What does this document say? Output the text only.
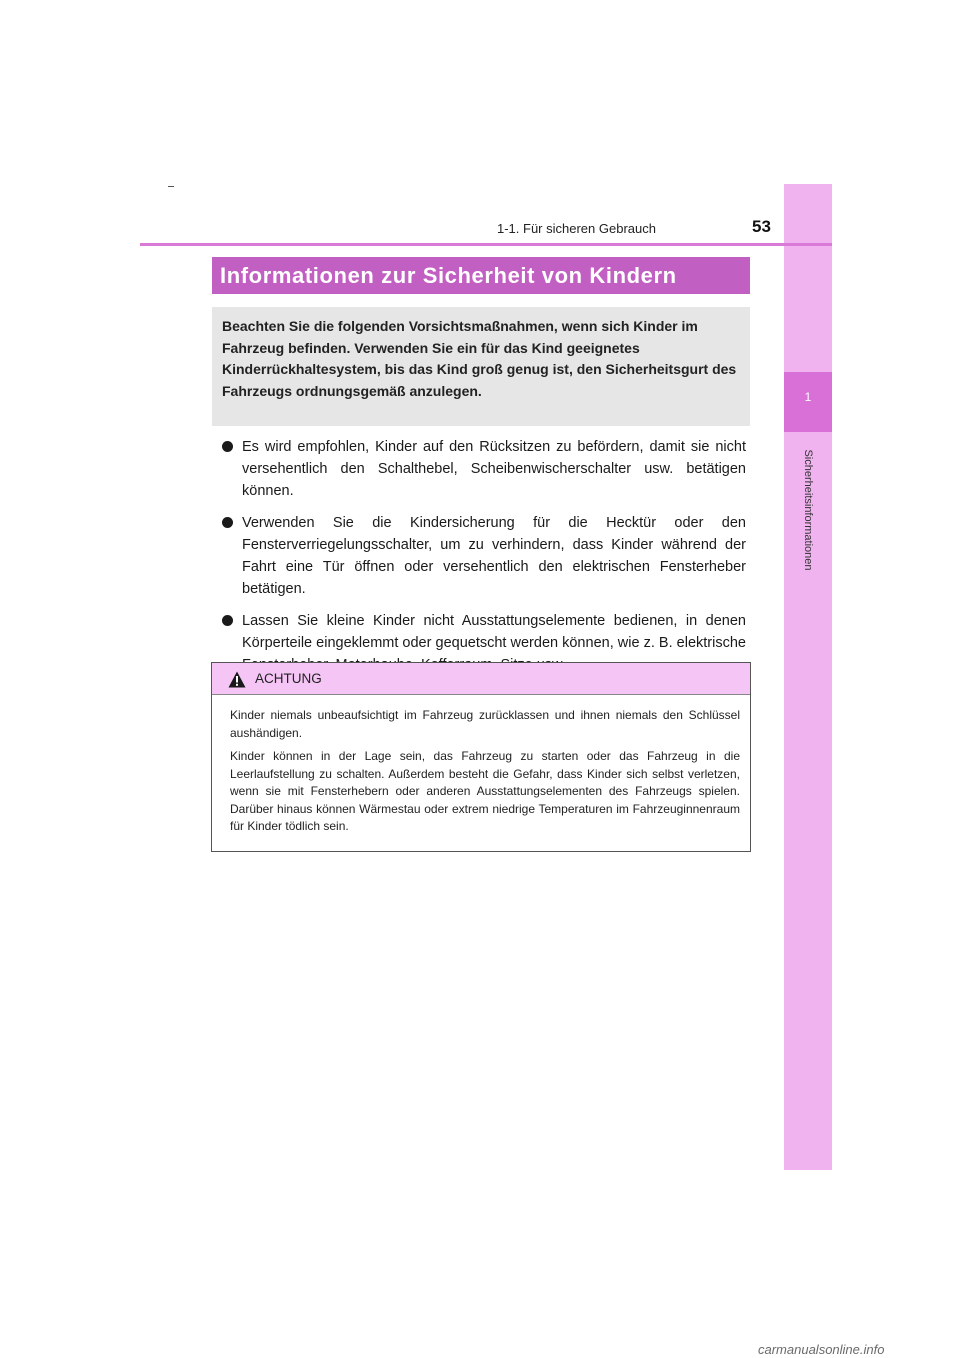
1
Sicherheitsinformationen
1-1. Für sicheren Gebrauch	53
Informationen zur Sicherheit von Kindern
Beachten Sie die folgenden Vorsichtsmaßnahmen, wenn sich Kinder im Fahrzeug befinden. Verwenden Sie ein für das Kind geeignetes Kinderrückhaltesystem, bis das Kind groß genug ist, den Sicherheitsgurt des Fahrzeugs ordnungsgemäß anzulegen.
Es wird empfohlen, Kinder auf den Rücksitzen zu befördern, damit sie nicht versehentlich den Schalthebel, Scheibenwischerschalter usw. betätigen können.
Verwenden Sie die Kindersicherung für die Hecktür oder den Fensterverriegelungsschalter, um zu verhindern, dass Kinder während der Fahrt eine Tür öffnen oder versehentlich den elektrischen Fensterheber betätigen.
Lassen Sie kleine Kinder nicht Ausstattungselemente bedienen, in denen Körperteile eingeklemmt oder gequetscht werden können, wie z. B. elektrische
ACHTUNG

Kinder niemals unbeaufsichtigt im Fahrzeug zurücklassen und ihnen niemals den Schlüssel aushändigen.

Kinder können in der Lage sein, das Fahrzeug zu starten oder das Fahrzeug in die Leerlaufstellung zu schalten. Außerdem besteht die Gefahr, dass Kinder sich selbst verletzen, wenn sie mit Fensterhebern oder anderen Ausstattungselementen des Fahrzeugs spielen. Darüber hinaus können Wärmestau oder extrem niedrige Temperaturen im Fahrzeuginnenraum für Kinder tödlich sein.

carmanualsonline.info
